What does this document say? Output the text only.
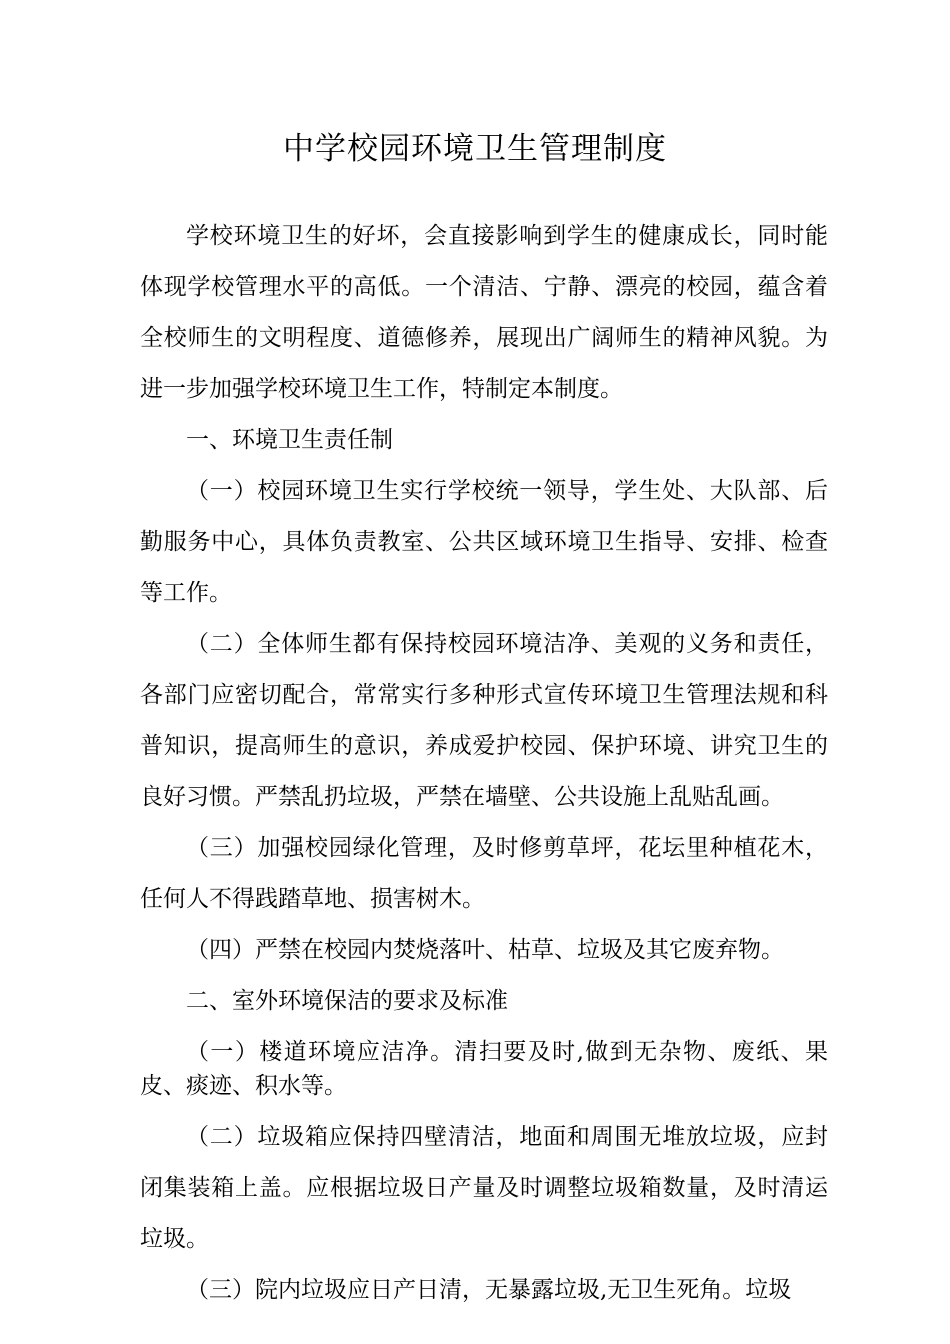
中学校园环境卫生管理制度

学校环境卫生的好坏，会直接影响到学生的健康成长，同时能体现学校管理水平的高低。一个清洁、宁静、漂亮的校园，蕴含着全校师生的文明程度、道德修养，展现出广阔师生的精神风貌。为进一步加强学校环境卫生工作，特制定本制度。

一、环境卫生责任制

（一）校园环境卫生实行学校统一领导，学生处、大队部、后勤服务中心，具体负责教室、公共区域环境卫生指导、安排、检查等工作。

（二）全体师生都有保持校园环境洁净、美观的义务和责任，各部门应密切配合，常常实行多种形式宣传环境卫生管理法规和科普知识，提高师生的意识，养成爱护校园、保护环境、讲究卫生的良好习惯。严禁乱扔垃圾，严禁在墙壁、公共设施上乱贴乱画。

（三）加强校园绿化管理，及时修剪草坪，花坛里种植花木，任何人不得践踏草地、损害树木。

（四）严禁在校园内焚烧落叶、枯草、垃圾及其它废弃物。

二、室外环境保洁的要求及标准

（一）楼道环境应洁净。清扫要及时,做到无杂物、废纸、果皮、痰迹、积水等。

（二）垃圾箱应保持四壁清洁，地面和周围无堆放垃圾，应封闭集装箱上盖。应根据垃圾日产量及时调整垃圾箱数量，及时清运垃圾。

（三）院内垃圾应日产日清，无暴露垃圾,无卫生死角。垃圾
